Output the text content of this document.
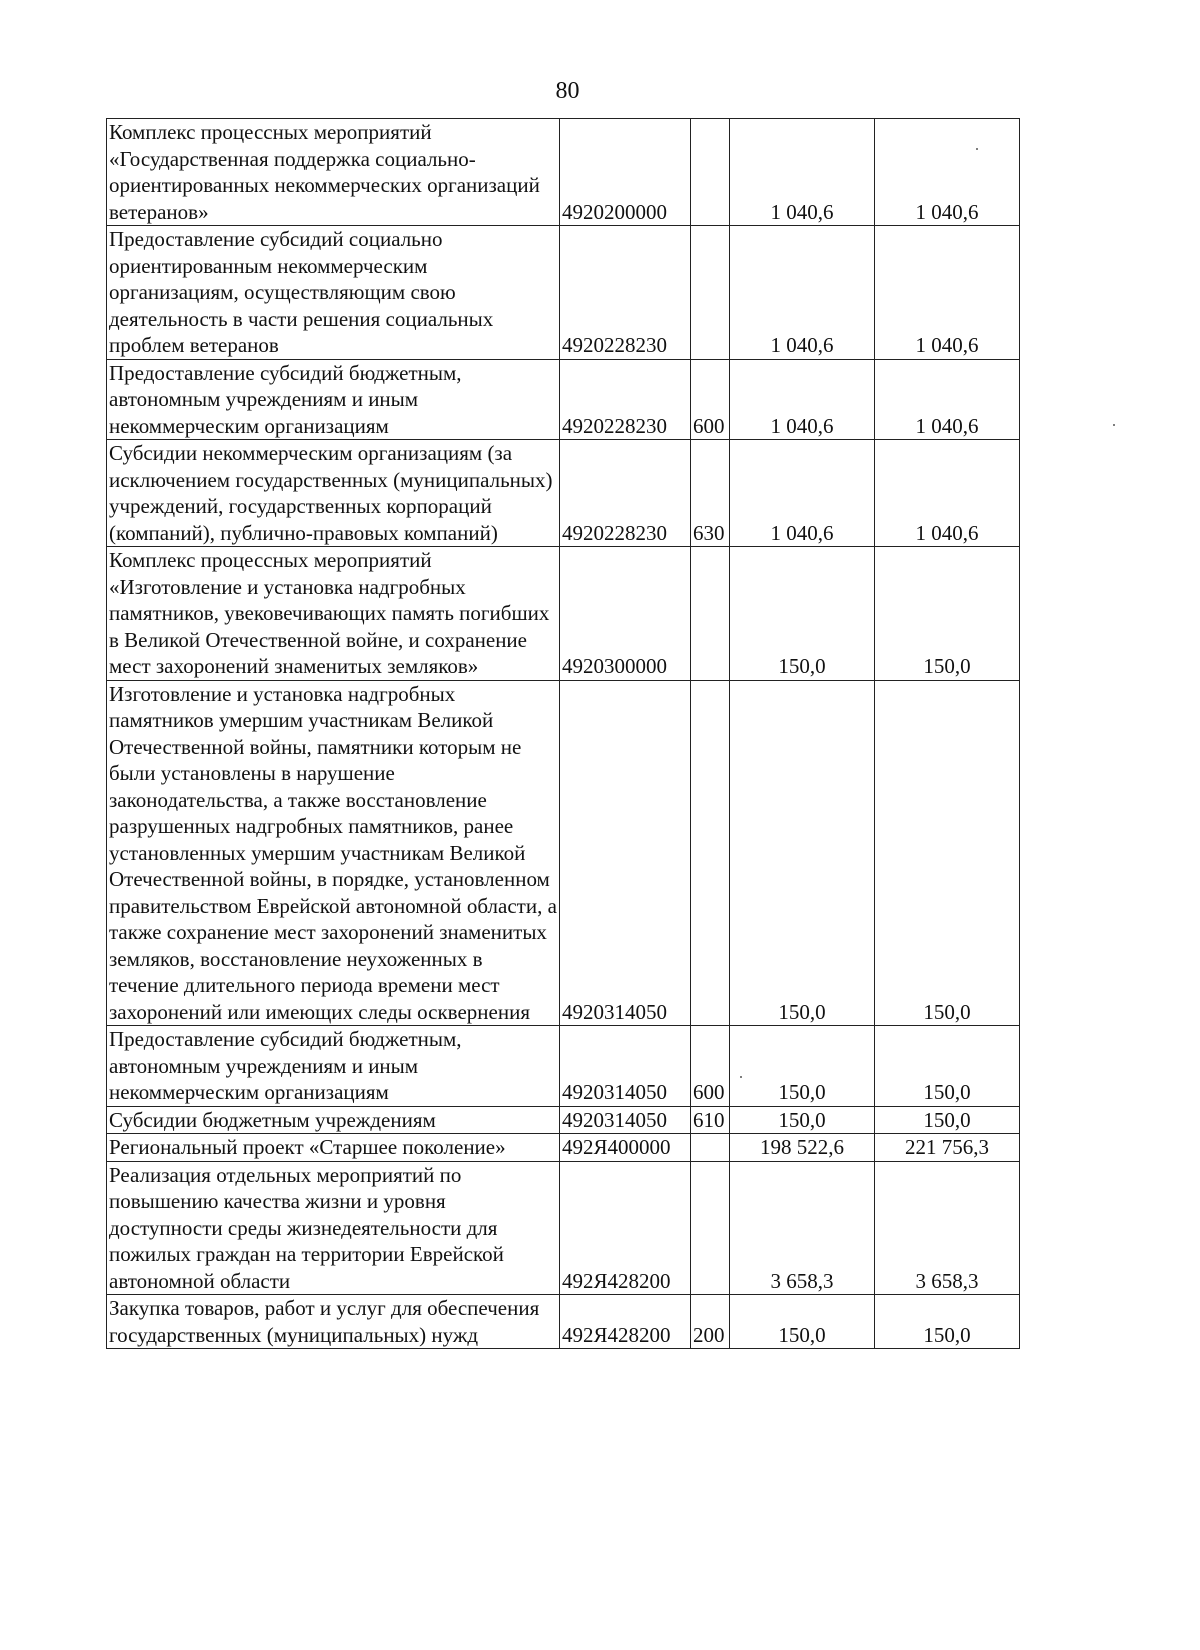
80
Комплекс процессных мероприятий «Государственная поддержка социально-ориентированных некоммерческих организаций ветеранов»	4920200000		1 040,6	1 040,6
Предоставление субсидий социально ориентированным некоммерческим организациям, осуществляющим свою деятельность в части решения социальных проблем ветеранов	4920228230		1 040,6	1 040,6
Предоставление субсидий бюджетным, автономным учреждениям и иным некоммерческим организациям	4920228230	600	1 040,6	1 040,6
Субсидии некоммерческим организациям (за исключением государственных (муниципальных) учреждений, государственных корпораций (компаний), публично-правовых компаний)	4920228230	630	1 040,6	1 040,6
Комплекс процессных мероприятий «Изготовление и установка надгробных памятников, увековечивающих память погибших в Великой Отечественной войне, и сохранение мест захоронений знаменитых земляков»	4920300000		150,0	150,0
Изготовление и установка надгробных памятников умершим участникам Великой Отечественной войны, памятники которым не были установлены в нарушение законодательства, а также восстановление разрушенных надгробных памятников, ранее установленных умершим участникам Великой Отечественной войны, в порядке, установленном правительством Еврейской автономной области, а также сохранение мест захоронений знаменитых земляков, восстановление неухоженных в течение длительного периода времени мест захоронений или имеющих следы осквернения	4920314050		150,0	150,0
Предоставление субсидий бюджетным, автономным учреждениям и иным некоммерческим организациям	4920314050	600	150,0	150,0
Субсидии бюджетным учреждениям	4920314050	610	150,0	150,0
Региональный проект «Старшее поколение»	492Я400000		198 522,6	221 756,3
Реализация отдельных мероприятий по повышению качества жизни и уровня доступности среды жизнедеятельности для пожилых граждан на территории Еврейской автономной области	492Я428200		3 658,3	3 658,3
Закупка товаров, работ и услуг для обеспечения государственных (муниципальных) нужд	492Я428200	200	150,0	150,0
